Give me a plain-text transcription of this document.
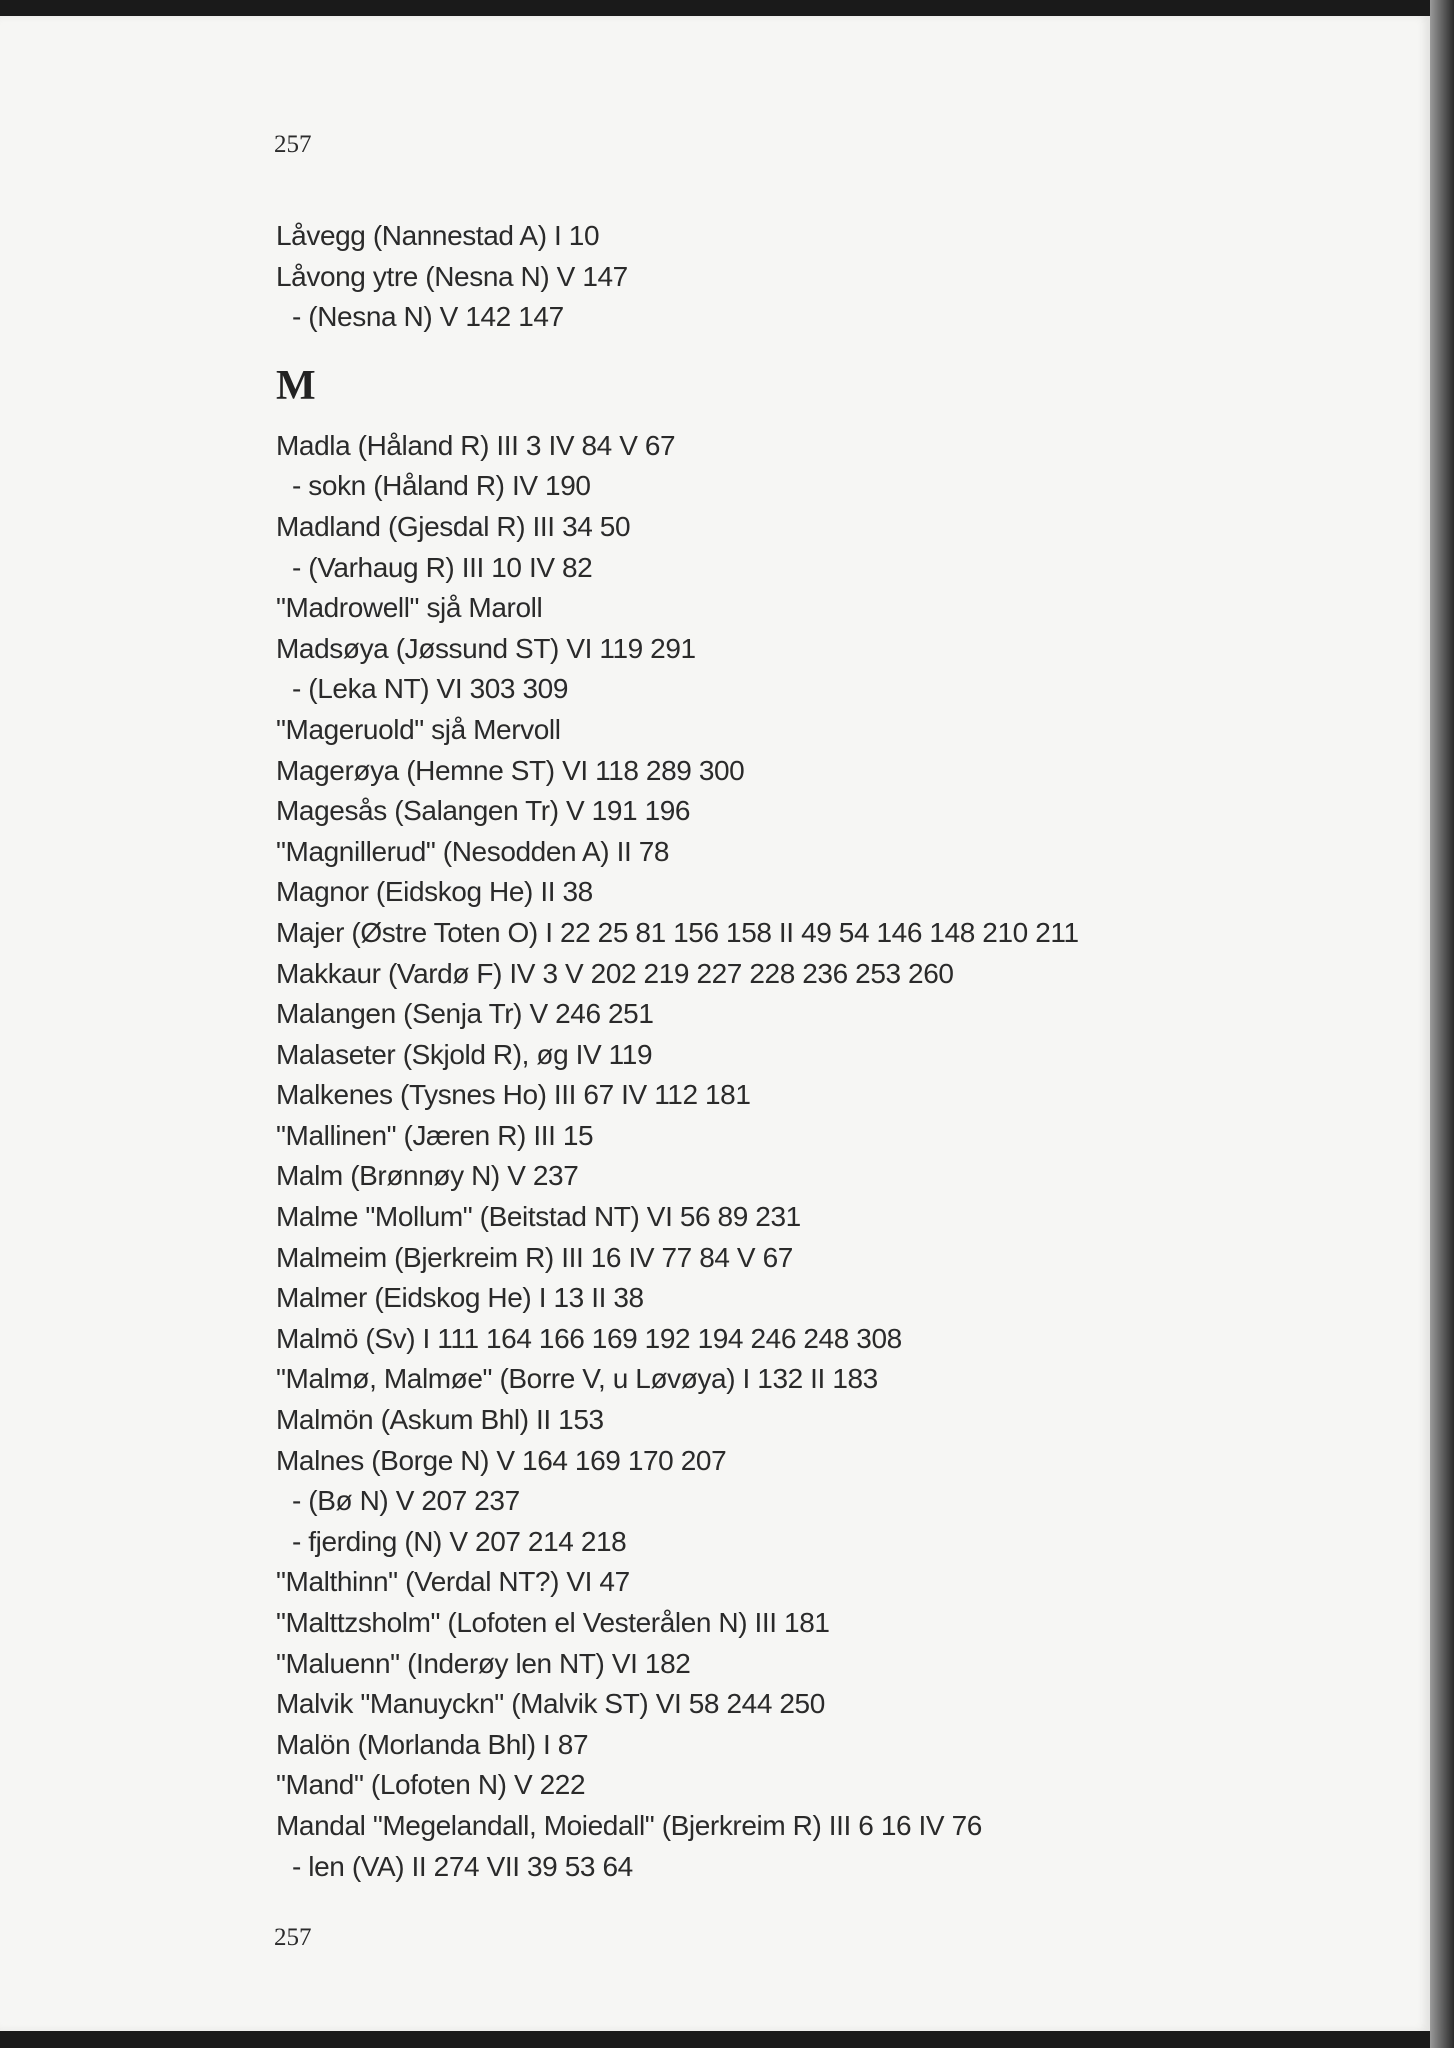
257
Låvegg (Nannestad A) I 10
Låvong ytre (Nesna N) V 147
- (Nesna N) V 142 147
M
Madla (Håland R) III 3 IV 84 V 67
- sokn (Håland R) IV 190
Madland (Gjesdal R) III 34 50
- (Varhaug R) III 10 IV 82
"Madrowell" sjå Maroll
Madsøya (Jøssund ST) VI 119 291
- (Leka NT) VI 303 309
"Mageruold" sjå Mervoll
Magerøya (Hemne ST) VI 118 289 300
Magesås (Salangen Tr) V 191 196
"Magnillerud" (Nesodden A) II 78
Magnor (Eidskog He) II 38
Majer (Østre Toten O) I 22 25 81 156 158 II 49 54 146 148 210 211
Makkaur (Vardø F) IV 3 V 202 219 227 228 236 253 260
Malangen (Senja Tr) V 246 251
Malaseter (Skjold R), øg IV 119
Malkenes (Tysnes Ho) III 67 IV 112 181
"Mallinen" (Jæren R) III 15
Malm (Brønnøy N) V 237
Malme "Mollum" (Beitstad NT) VI 56 89 231
Malmeim (Bjerkreim R) III 16 IV 77 84 V 67
Malmer (Eidskog He) I 13 II 38
Malmö (Sv) I 111 164 166 169 192 194 246 248 308
"Malmø, Malmøe" (Borre V, u Løvøya) I 132 II 183
Malmön (Askum Bhl) II 153
Malnes (Borge N) V 164 169 170 207
- (Bø N) V 207 237
- fjerding (N) V 207 214 218
"Malthinn" (Verdal NT?) VI 47
"Malttzsholm" (Lofoten el Vesterålen N) III 181
"Maluenn" (Inderøy len NT) VI 182
Malvik "Manuyckn" (Malvik ST) VI 58 244 250
Malön (Morlanda Bhl) I 87
"Mand" (Lofoten N) V 222
Mandal "Megelandall, Moiedall" (Bjerkreim R) III 6 16 IV 76
- len (VA) II 274 VII 39 53 64
257
